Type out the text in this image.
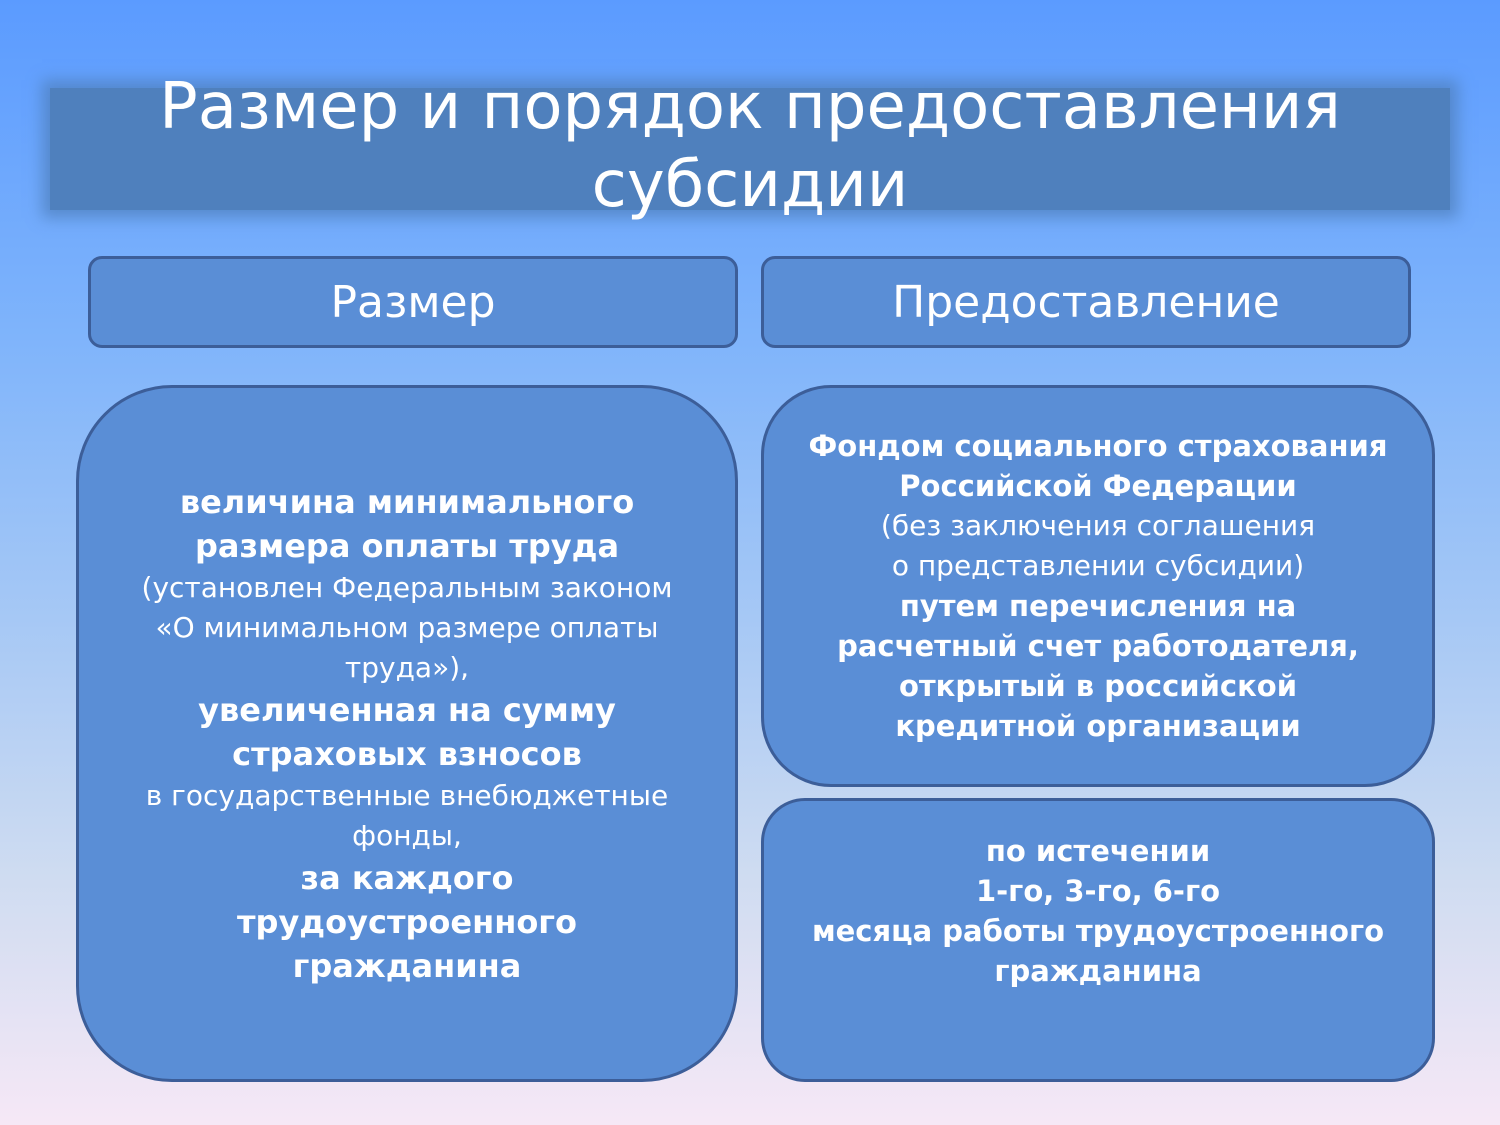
Размер и порядок предоставления
субсидии
Размер	Предоставление
величина минимального
размера оплаты труда
(установлен Федеральным законом
«О минимальном размере оплаты
труда»),
увеличенная на сумму
страховых взносов
в государственные внебюджетные
фонды,
за каждого
трудоустроенного
гражданина
Фондом социального страхования
Российской Федерации
(без заключения соглашения
о представлении субсидии)
путем перечисления на
расчетный счет работодателя,
открытый в российской
кредитной организации
по истечении
1-го, 3-го, 6-го
месяца работы трудоустроенного
гражданина
